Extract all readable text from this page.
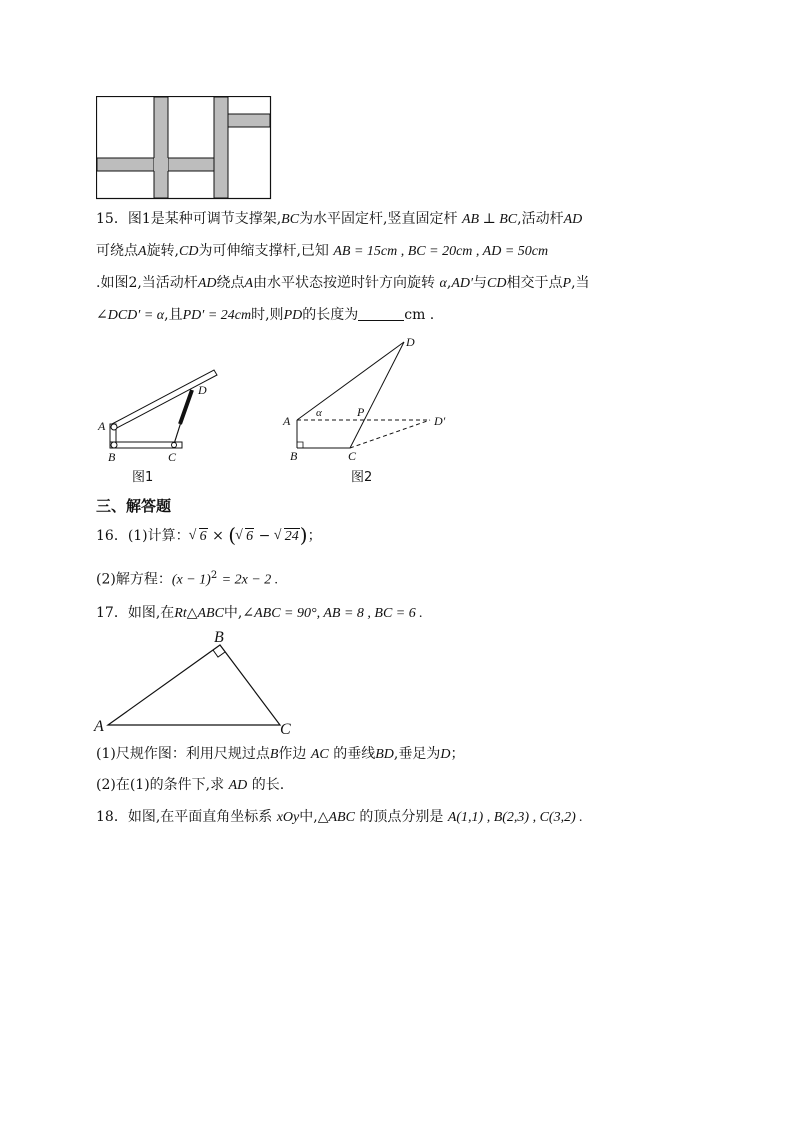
15．图1是某种可调节支撑架,BC为水平固定杆,竖直固定杆 AB ⊥ BC,活动杆AD
可绕点A旋转,CD为可伸缩支撑杆,已知 AB = 15cm , BC = 20cm , AD = 50cm
.如图2,当活动杆AD绕点A由水平状态按逆时针方向旋转 α,AD′与CD相交于点P,当
∠DCD′ = α,且PD′ = 24cm时,则PD的长度为	cm .
A
B	C
D
图1
A
B	C
D
D′
P
α
图2
三、解答题
16．(1)计算： √ 6 × ( √ 6 − √ 24)；
(2)解方程：$(x - 1)^2 = 2x - 2$ .
17．如图,在Rt△ABC中,∠ABC = 90°, AB = 8 , BC = 6 .
A
B
C
(1)尺规作图：利用尺规过点B作边 AC 的垂线BD,垂足为D；
(2)在(1)的条件下,求 AD 的长.
18．如图,在平面直角坐标系 xOy中,△ABC 的顶点分别是 A(1,1) , B(2,3) , C(3,2) .
